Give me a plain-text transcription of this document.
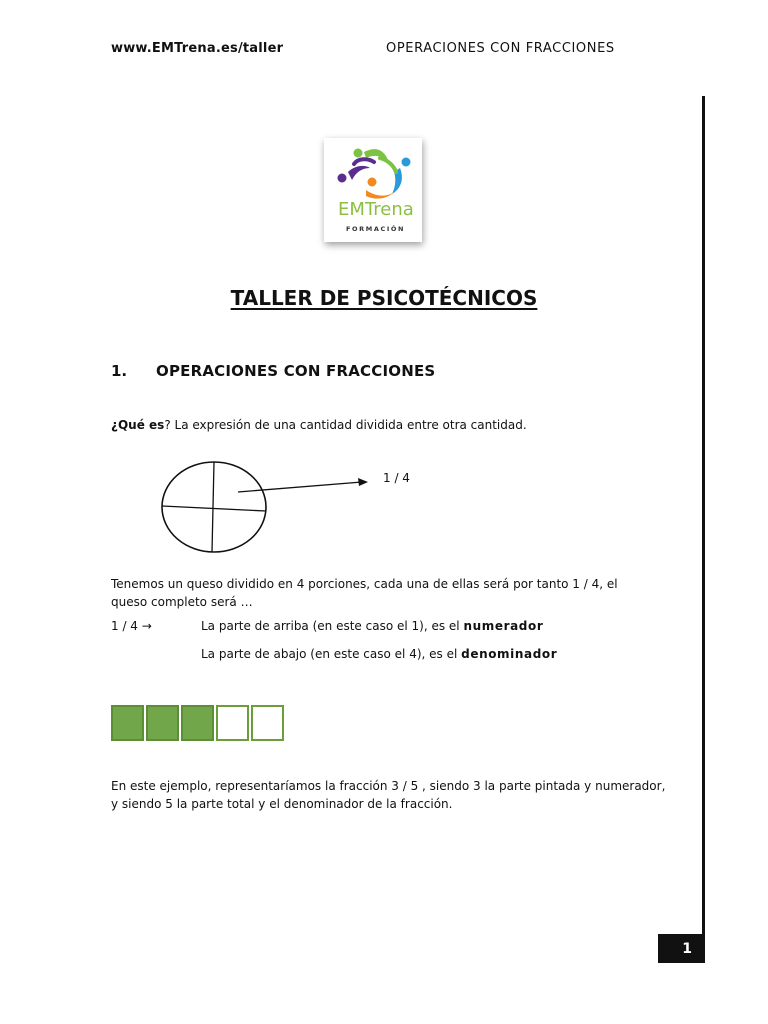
www.EMTrena.es/taller	OPERACIONES CON FRACCIONES
EMTrena
FORMACIÓN
TALLER DE PSICOTÉCNICOS
1. OPERACIONES CON FRACCIONES
¿Qué es? La expresión de una cantidad dividida entre otra cantidad.
1 / 4
Tenemos un queso dividido en 4 porciones, cada una de ellas será por tanto 1 / 4, el queso completo será …
1 / 4 →	La parte de arriba (en este caso el 1), es el numerador
La parte de abajo (en este caso el 4), es el denominador
En este ejemplo, representaríamos la fracción 3 / 5 , siendo 3 la parte pintada y numerador, y siendo 5 la parte total y el denominador de la fracción.
1
